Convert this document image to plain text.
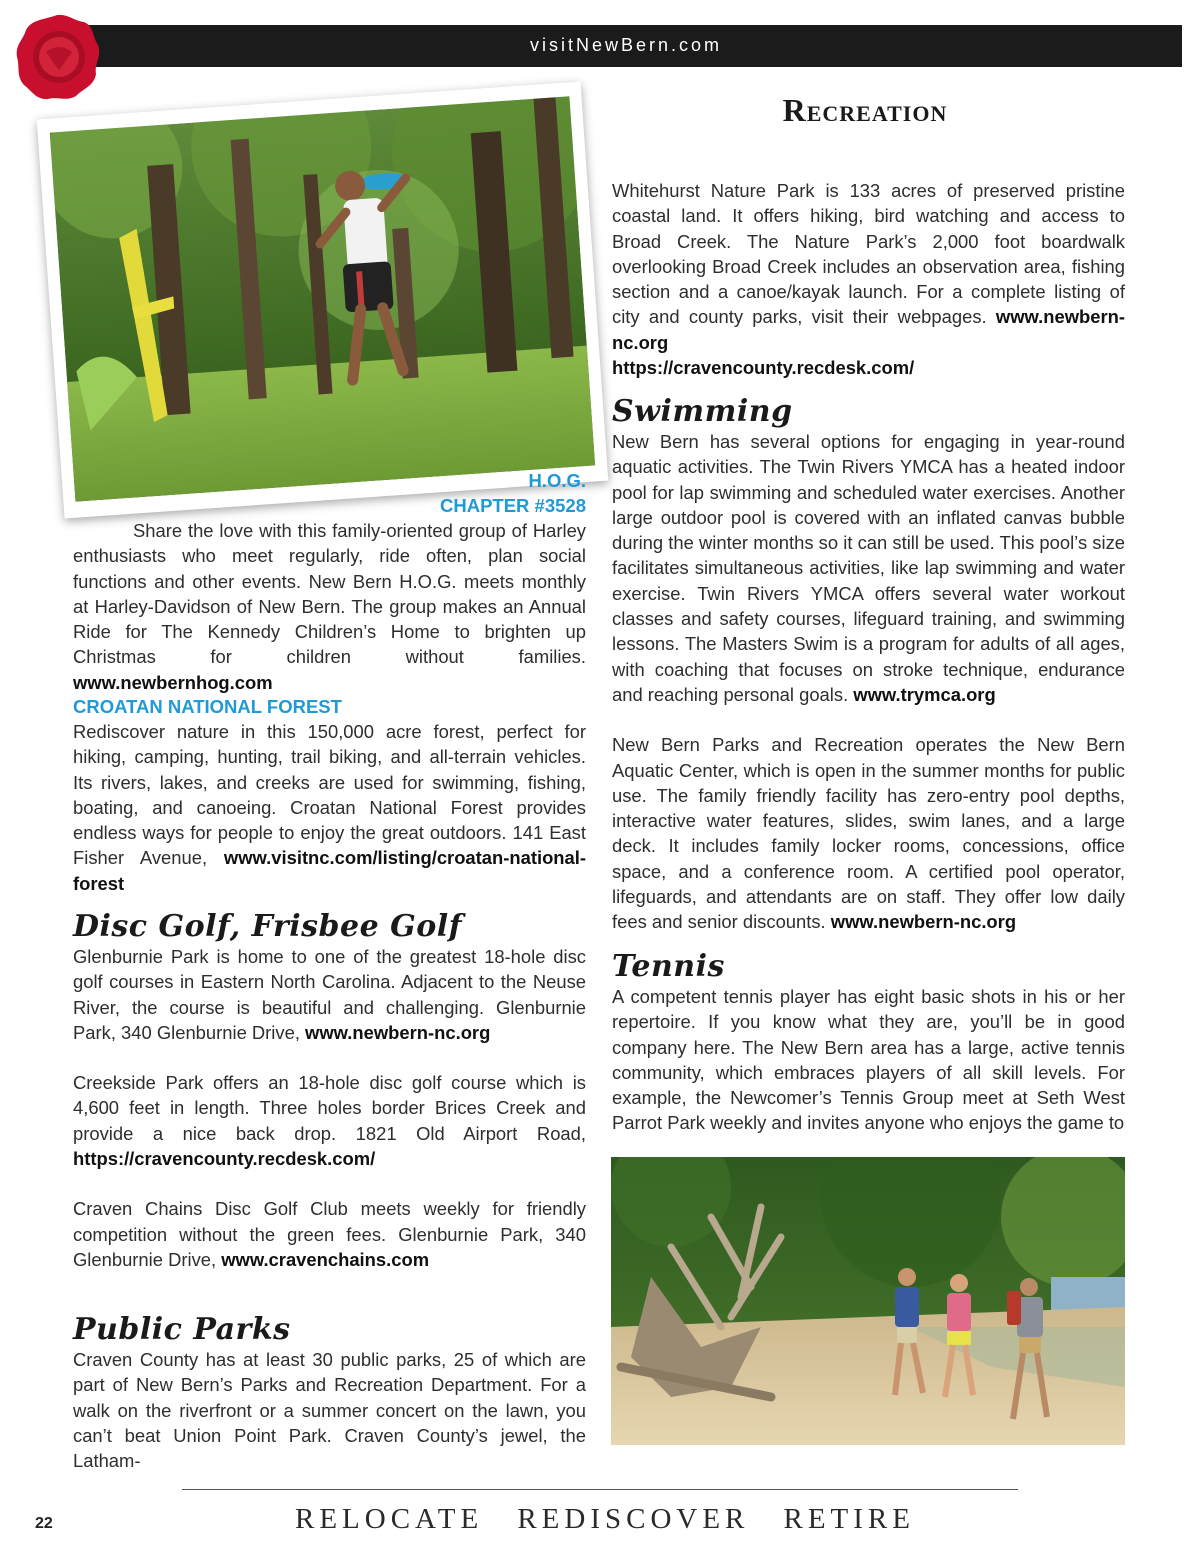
visitNewBern.com
Recreation

H.O.G.

CHAPTER #3528

Share the love with this family-oriented group of Harley enthusiasts who meet regularly, ride often, plan social functions and other events. New Bern H.O.G. meets monthly at Harley-Davidson of New Bern. The group makes an Annual Ride for The Kennedy Children’s Home to brighten up Christmas for children without families. www.newbernhog.com

CROATAN NATIONAL FOREST

Rediscover nature in this 150,000 acre forest, perfect for hiking, camping, hunting, trail biking, and all-terrain vehicles. Its rivers, lakes, and creeks are used for swimming, fishing, boating, and canoeing. Croatan National Forest provides endless ways for people to enjoy the great outdoors. 141 East Fisher Avenue, www.visitnc.com/listing/croatan-national-forest

Disc Golf, Frisbee Golf

Glenburnie Park is home to one of the greatest 18-hole disc golf courses in Eastern North Carolina. Adjacent to the Neuse River, the course is beautiful and challenging. Glenburnie Park, 340 Glenburnie Drive, www.newbern-nc.org

Creekside Park offers an 18-hole disc golf course which is 4,600 feet in length. Three holes border Brices Creek and provide a nice back drop. 1821 Old Airport Road, https://cravencounty.recdesk.com/

Craven Chains Disc Golf Club meets weekly for friendly competition without the green fees. Glenburnie Park, 340 Glenburnie Drive, www.cravenchains.com

Public Parks

Craven County has at least 30 public parks, 25 of which are part of New Bern’s Parks and Recreation Department. For a walk on the riverfront or a summer concert on the lawn, you can’t beat Union Point Park. Craven County’s jewel, the Latham-

Whitehurst Nature Park is 133 acres of preserved pristine coastal land. It offers hiking, bird watching and access to Broad Creek. The Nature Park’s 2,000 foot boardwalk overlooking Broad Creek includes an observation area, fishing section and a canoe/kayak launch. For a complete listing of city and county parks, visit their webpages. www.newbern-nc.org
https://cravencounty.recdesk.com/

Swimming

New Bern has several options for engaging in year-round aquatic activities. The Twin Rivers YMCA has a heated indoor pool for lap swimming and scheduled water exercises. Another large outdoor pool is covered with an inflated canvas bubble during the winter months so it can still be used. This pool’s size facilitates simultaneous activities, like lap swimming and water exercise. Twin Rivers YMCA offers several water workout classes and safety courses, lifeguard training, and swimming lessons. The Masters Swim is a program for adults of all ages, with coaching that focuses on stroke technique, endurance and reaching personal goals. www.trymca.org

New Bern Parks and Recreation operates the New Bern Aquatic Center, which is open in the summer months for public use. The family friendly facility has zero-entry pool depths, interactive water features, slides, swim lanes, and a large deck. It includes family locker rooms, concessions, office space, and a conference room. A certified pool operator, lifeguards, and attendants are on staff. They offer low daily fees and senior discounts. www.newbern-nc.org

Tennis

A competent tennis player has eight basic shots in his or her repertoire. If you know what they are, you’ll be in good company here. The New Bern area has a large, active tennis community, which embraces players of all skill levels. For example, the Newcomer’s Tennis Group meet at Seth West Parrot Park weekly and invites anyone who enjoys the game to

22	RELOCATE REDISCOVER RETIRE
